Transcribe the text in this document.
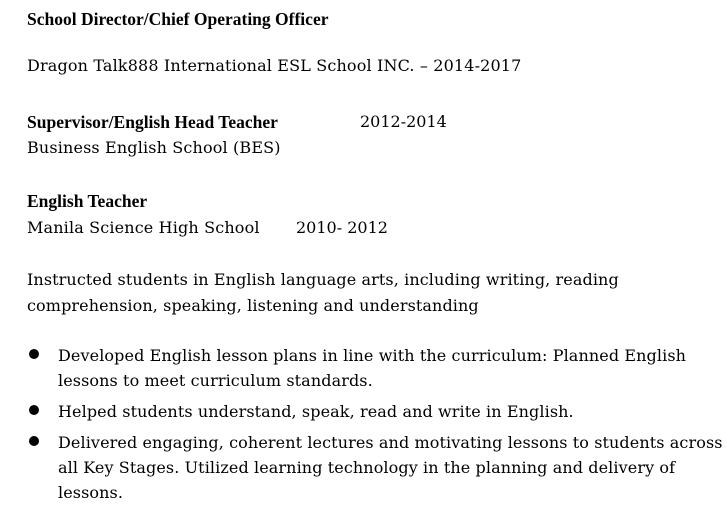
School Director/Chief Operating Officer
Dragon Talk888 International ESL School INC. – 2014-2017
Supervisor/English Head Teacher	2012-2014
Business English School (BES)
English Teacher
Manila Science High School 2010- 2012
Instructed students in English language arts, including writing, reading comprehension, speaking, listening and understanding
Developed English lesson plans in line with the curriculum: Planned English lessons to meet curriculum standards.
Helped students understand, speak, read and write in English.
Delivered engaging, coherent lectures and motivating lessons to students across all Key Stages. Utilized learning technology in the planning and delivery of lessons.
